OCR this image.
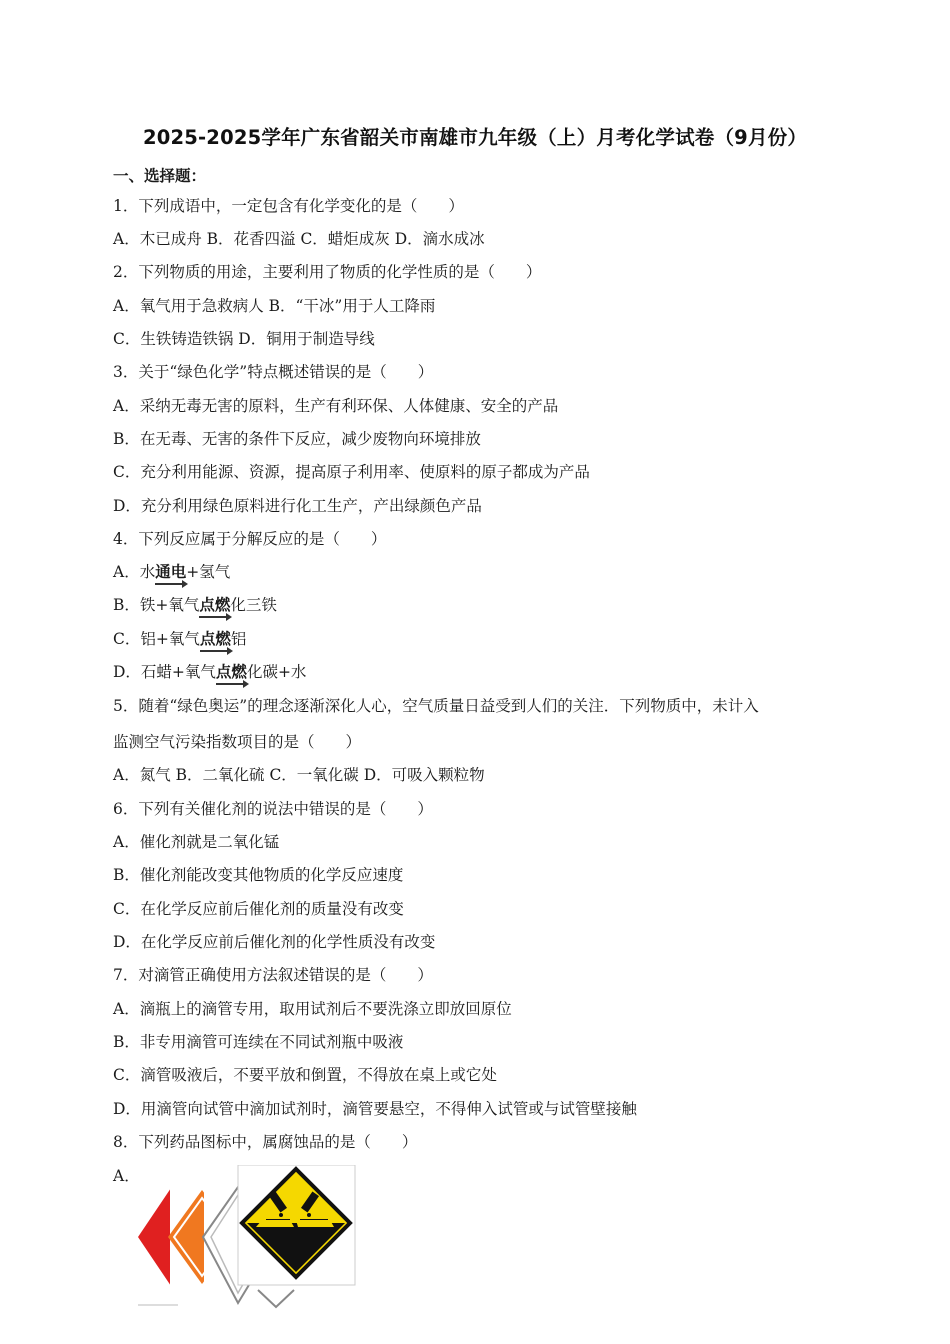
2025-2025学年广东省韶关市南雄市九年级（上）月考化学试卷（9月份）
一、选择题：
1．下列成语中，一定包含有化学变化的是（　　）
A．木已成舟 B．花香四溢 C．蜡炬成灰 D．滴水成冰
2．下列物质的用途，主要利用了物质的化学性质的是（　　）
A．氧气用于急救病人 B．“干冰”用于人工降雨
C．生铁铸造铁锅 D．铜用于制造导线
3．关于“绿色化学”特点概述错误的是（　　）
A．采纳无毒无害的原料，生产有利环保、人体健康、安全的产品
B．在无毒、无害的条件下反应，减少废物向环境排放
C．充分利用能源、资源，提高原子利用率、使原料的原子都成为产品
D．充分利用绿色原料进行化工生产，产出绿颜色产品
4．下列反应属于分解反应的是（　　）
A．水通电
+氢气
B．铁+氧气点燃
化三铁
C．铝+氧气点燃
铝
D．石蜡+氧气点燃
化碳+水
5．随着“绿色奥运”的理念逐渐深化人心，空气质量日益受到人们的关注．下列物质中，未计入
监测空气污染指数项目的是（　　）
A．氮气 B．二氧化硫 C．一氧化碳 D．可吸入颗粒物
6．下列有关催化剂的说法中错误的是（　　）
A．催化剂就是二氧化锰
B．催化剂能改变其他物质的化学反应速度
C．在化学反应前后催化剂的质量没有改变
D．在化学反应前后催化剂的化学性质没有改变
7．对滴管正确使用方法叙述错误的是（　　）
A．滴瓶上的滴管专用，取用试剂后不要洗涤立即放回原位
B．非专用滴管可连续在不同试剂瓶中吸液
C．滴管吸液后，不要平放和倒置，不得放在桌上或它处
D．用滴管向试管中滴加试剂时，滴管要悬空，不得伸入试管或与试管壁接触
8．下列药品图标中，属腐蚀品的是（　　）
A．
